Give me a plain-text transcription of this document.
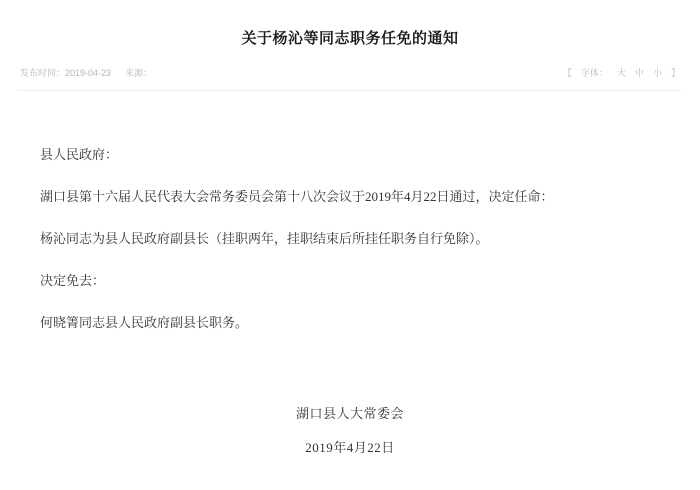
关于杨沁等同志职务任免的通知
发布时间：2019-04-23 来源：	【 字体： 大 中 小 】

县人民政府：

湖口县第十六届人民代表大会常务委员会第十八次会议于2019年4月22日通过，决定任命：

杨沁同志为县人民政府副县长（挂职两年，挂职结束后所挂任职务自行免除）。

决定免去：

何晓箐同志县人民政府副县长职务。

湖口县人大常委会
2019年4月22日
